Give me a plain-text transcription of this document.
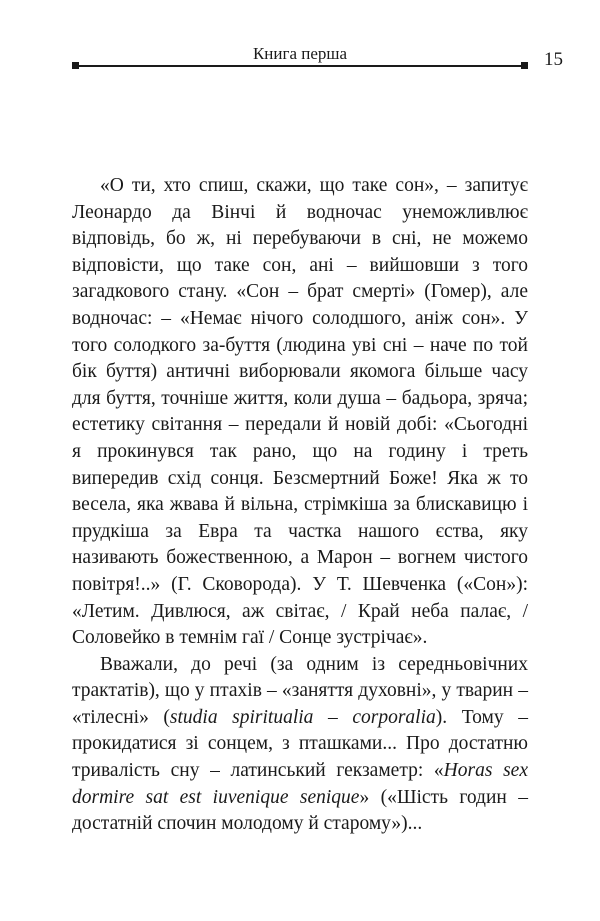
Книга перша	15

«О ти, хто спиш, скажи, що таке сон», – запитує Леонардо да Вінчі й водночас унеможливлює відповідь, бо ж, ні перебуваючи в сні, не можемо відповісти, що таке сон, ані – вийшовши з того загадкового стану. «Сон – брат смерті» (Гомер), але водночас: – «Немає нічого солодшого, аніж сон». У того солодкого за-буття (людина уві сні – наче по той бік буття) античні виборювали якомога більше часу для буття, точніше життя, коли душа – бадьора, зряча; естетику світання – передали й новій добі: «Сьогодні я прокинувся так рано, що на годину і треть випередив схід сонця. Безсмертний Боже! Яка ж то весела, яка жвава й вільна, стрімкіша за блискавицю і прудкіша за Евра та частка нашого єства, яку називають божественною, а Марон – вогнем чистого повітря!..» (Г. Сковорода). У Т. Шевченка («Сон»): «Летим. Дивлюся, аж світає, / Край неба палає, / Соловейко в темнім гаї / Сонце зустрічає».

Вважали, до речі (за одним із середньовічних трактатів), що у птахів – «заняття духовні», у тварин – «тілесні» (studia spiritualia – corporalia). Тому – прокидатися зі сонцем, з пташками... Про достатню тривалість сну – латинський гекзаметр: «Horas sex dormire sat est iuvenique senique» («Шість годин – достатній спочин молодому й старому»)...
